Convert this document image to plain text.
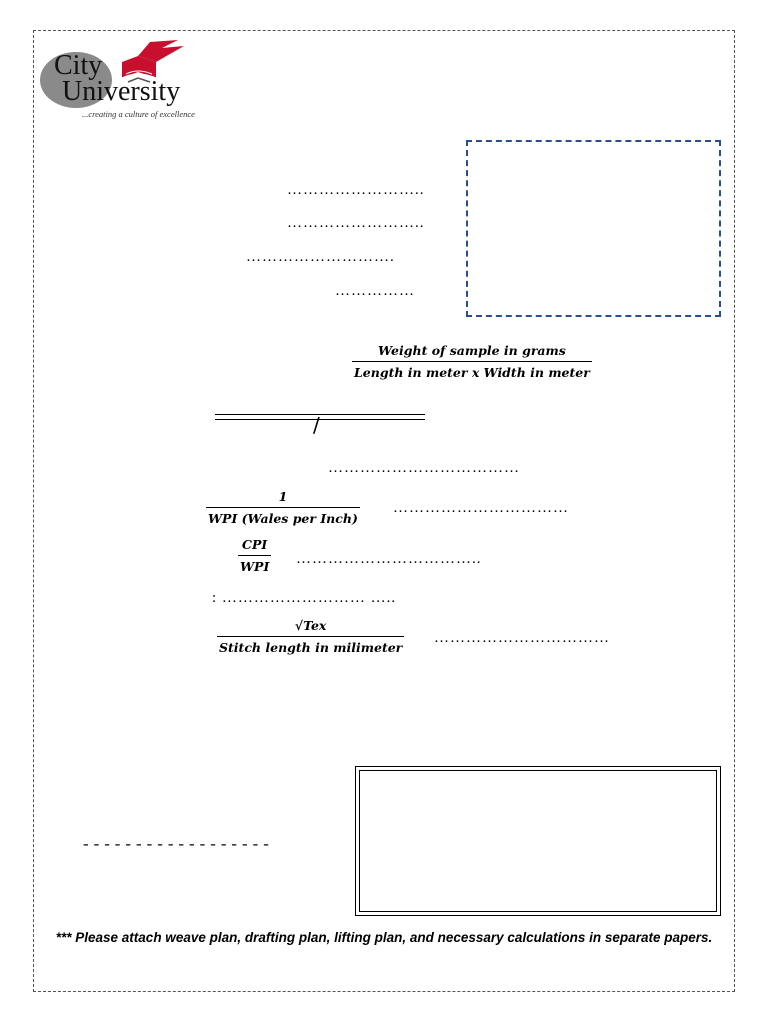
City
University
...creating a culture of excellence
……………………..
……………………..
……………………….
……………
Weight of sample in grams
Length in meter x Width in meter
/
………………………………
1
WPI (Wales per Inch)
……………………………
CPI
WPI ……………………………..
: ……………………… …..
√Tex
Stitch length in milimeter
……………………………
------------------
*** Please attach weave plan, drafting plan, lifting plan, and necessary calculations in separate papers.
